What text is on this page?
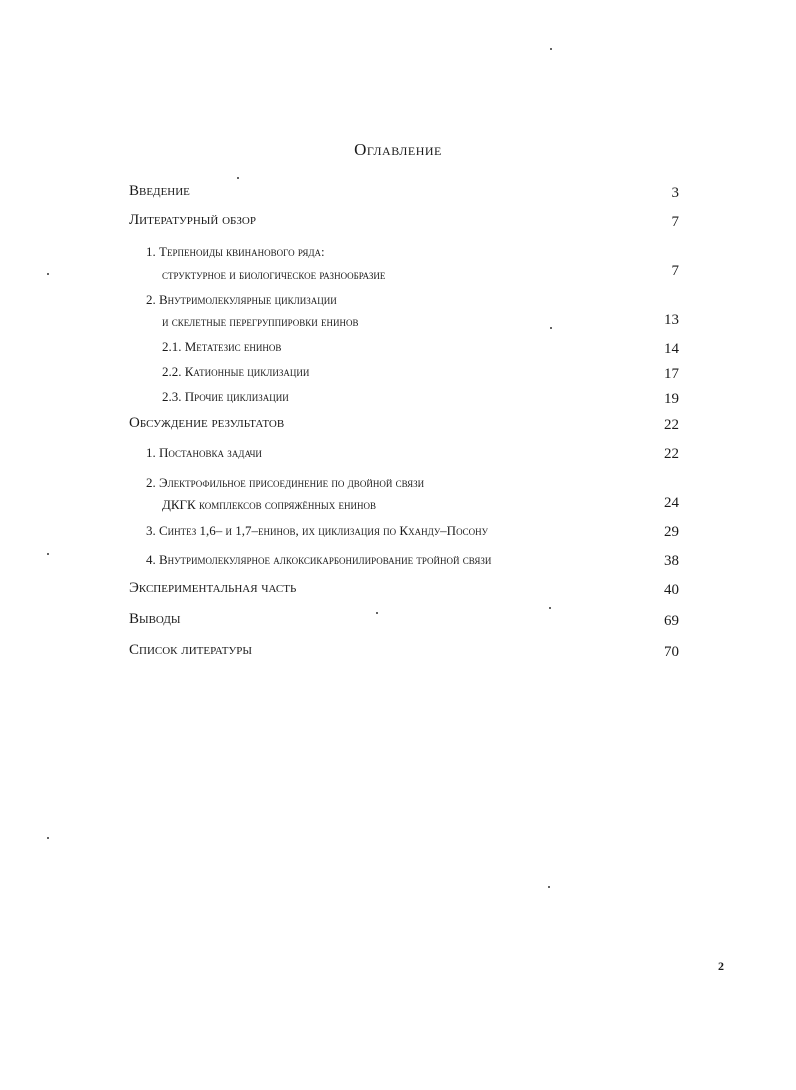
Оглавление
Введение	3
Литературный обзор	7
1. Терпеноиды квинанового ряда:
структурное и биологическое разнообразие	7
2. Внутримолекулярные циклизации
и скелетные перегруппировки енинов	13
2.1. Метатезис енинов	14
2.2. Катионные циклизации	17
2.3. Прочие циклизации	19
Обсуждение результатов	22
1. Постановка задачи	22
2. Электрофильное присоединение по двойной связи
ДКГК комплексов сопряжённых енинов	24
3. Синтез 1,6– и 1,7–енинов, их циклизация по Кханду–Посону	29
4. Внутримолекулярное алкоксикарбонилирование тройной связи	38
Экспериментальная часть	40
Выводы	69
Список литературы	70
2
